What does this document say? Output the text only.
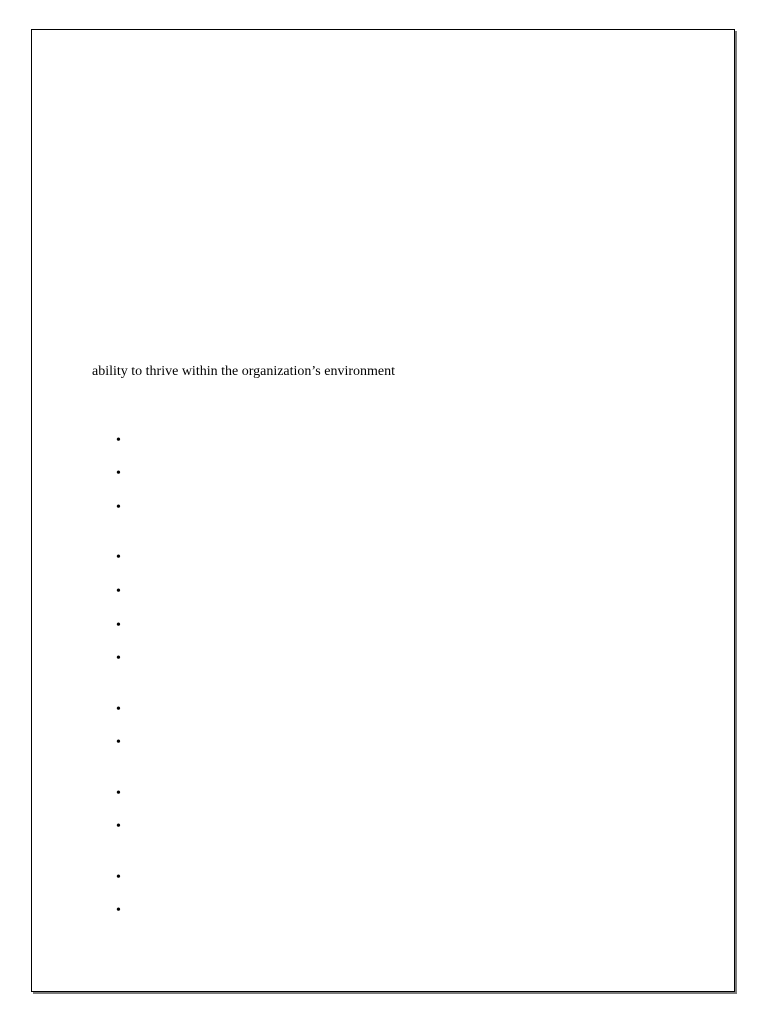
ability to thrive within the organization’s environment
•
•
•
•
•
•
•
•
•
•
•
•
•
